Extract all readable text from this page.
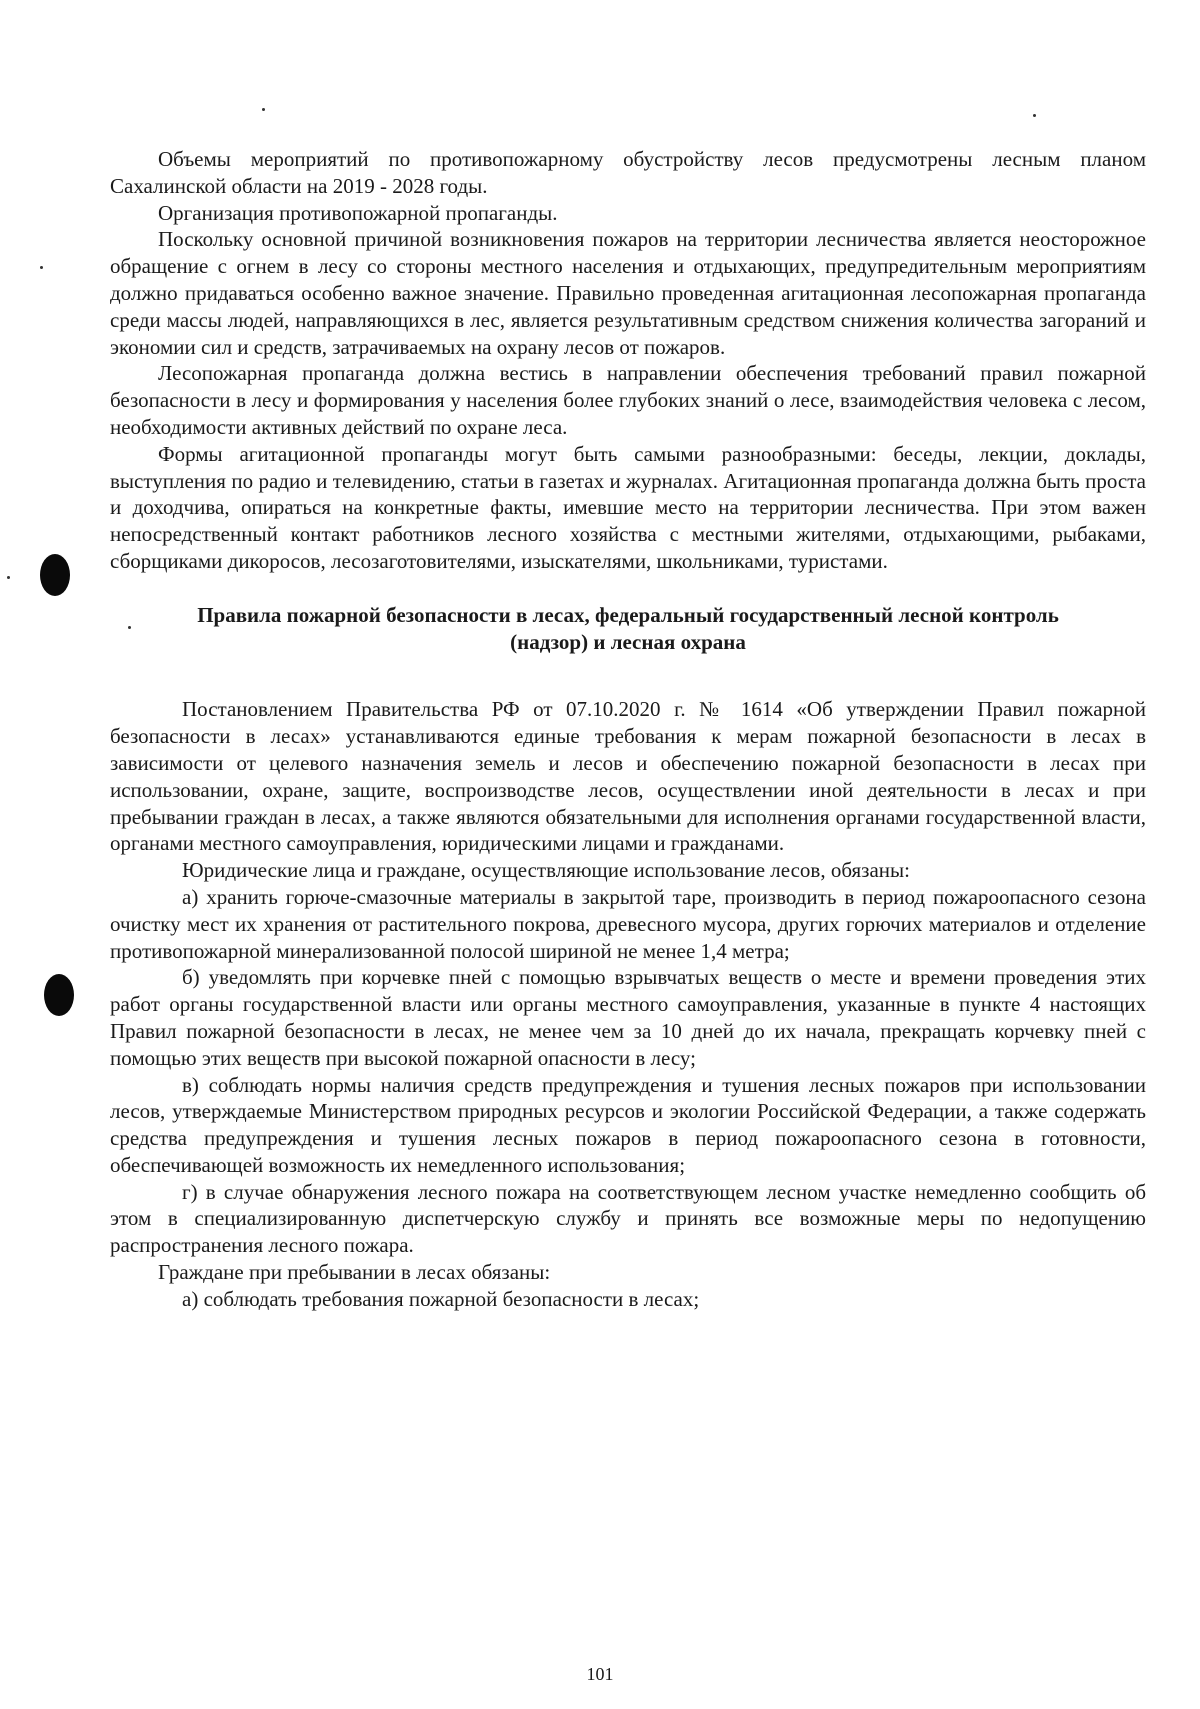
Объемы мероприятий по противопожарному обустройству лесов предусмотрены лесным планом Сахалинской области на 2019 - 2028 годы.

Организация противопожарной пропаганды.

Поскольку основной причиной возникновения пожаров на территории лесничества является неосторожное обращение с огнем в лесу со стороны местного населения и отдыхающих, предупредительным мероприятиям должно придаваться особенно важное значение. Правильно проведенная агитационная лесопожарная пропаганда среди массы людей, направляющихся в лес, является результативным средством снижения количества загораний и экономии сил и средств, затрачиваемых на охрану лесов от пожаров.

Лесопожарная пропаганда должна вестись в направлении обеспечения требований правил пожарной безопасности в лесу и формирования у населения более глубоких знаний о лесе, взаимодействия человека с лесом, необходимости активных действий по охране леса.

Формы агитационной пропаганды могут быть самыми разнообразными: беседы, лекции, доклады, выступления по радио и телевидению, статьи в газетах и журналах. Агитационная пропаганда должна быть проста и доходчива, опираться на конкретные факты, имевшие место на территории лесничества. При этом важен непосредственный контакт работников лесного хозяйства с местными жителями, отдыхающими, рыбаками, сборщиками дикоросов, лесозаготовителями, изыскателями, школьниками, туристами.

Правила пожарной безопасности в лесах, федеральный государственный лесной контроль (надзор) и лесная охрана

Постановлением Правительства РФ от 07.10.2020 г. № 1614 «Об утверждении Правил пожарной безопасности в лесах» устанавливаются единые требования к мерам пожарной безопасности в лесах в зависимости от целевого назначения земель и лесов и обеспечению пожарной безопасности в лесах при использовании, охране, защите, воспроизводстве лесов, осуществлении иной деятельности в лесах и при пребывании граждан в лесах, а также являются обязательными для исполнения органами государственной власти, органами местного самоуправления, юридическими лицами и гражданами.

Юридические лица и граждане, осуществляющие использование лесов, обязаны:

а) хранить горюче-смазочные материалы в закрытой таре, производить в период пожароопасного сезона очистку мест их хранения от растительного покрова, древесного мусора, других горючих материалов и отделение противопожарной минерализованной полосой шириной не менее 1,4 метра;

б) уведомлять при корчевке пней с помощью взрывчатых веществ о месте и времени проведения этих работ органы государственной власти или органы местного самоуправления, указанные в пункте 4 настоящих Правил пожарной безопасности в лесах, не менее чем за 10 дней до их начала, прекращать корчевку пней с помощью этих веществ при высокой пожарной опасности в лесу;

в) соблюдать нормы наличия средств предупреждения и тушения лесных пожаров при использовании лесов, утверждаемые Министерством природных ресурсов и экологии Российской Федерации, а также содержать средства предупреждения и тушения лесных пожаров в период пожароопасного сезона в готовности, обеспечивающей возможность их немедленного использования;

г) в случае обнаружения лесного пожара на соответствующем лесном участке немедленно сообщить об этом в специализированную диспетчерскую службу и принять все возможные меры по недопущению распространения лесного пожара.

Граждане при пребывании в лесах обязаны:

а) соблюдать требования пожарной безопасности в лесах;

101
